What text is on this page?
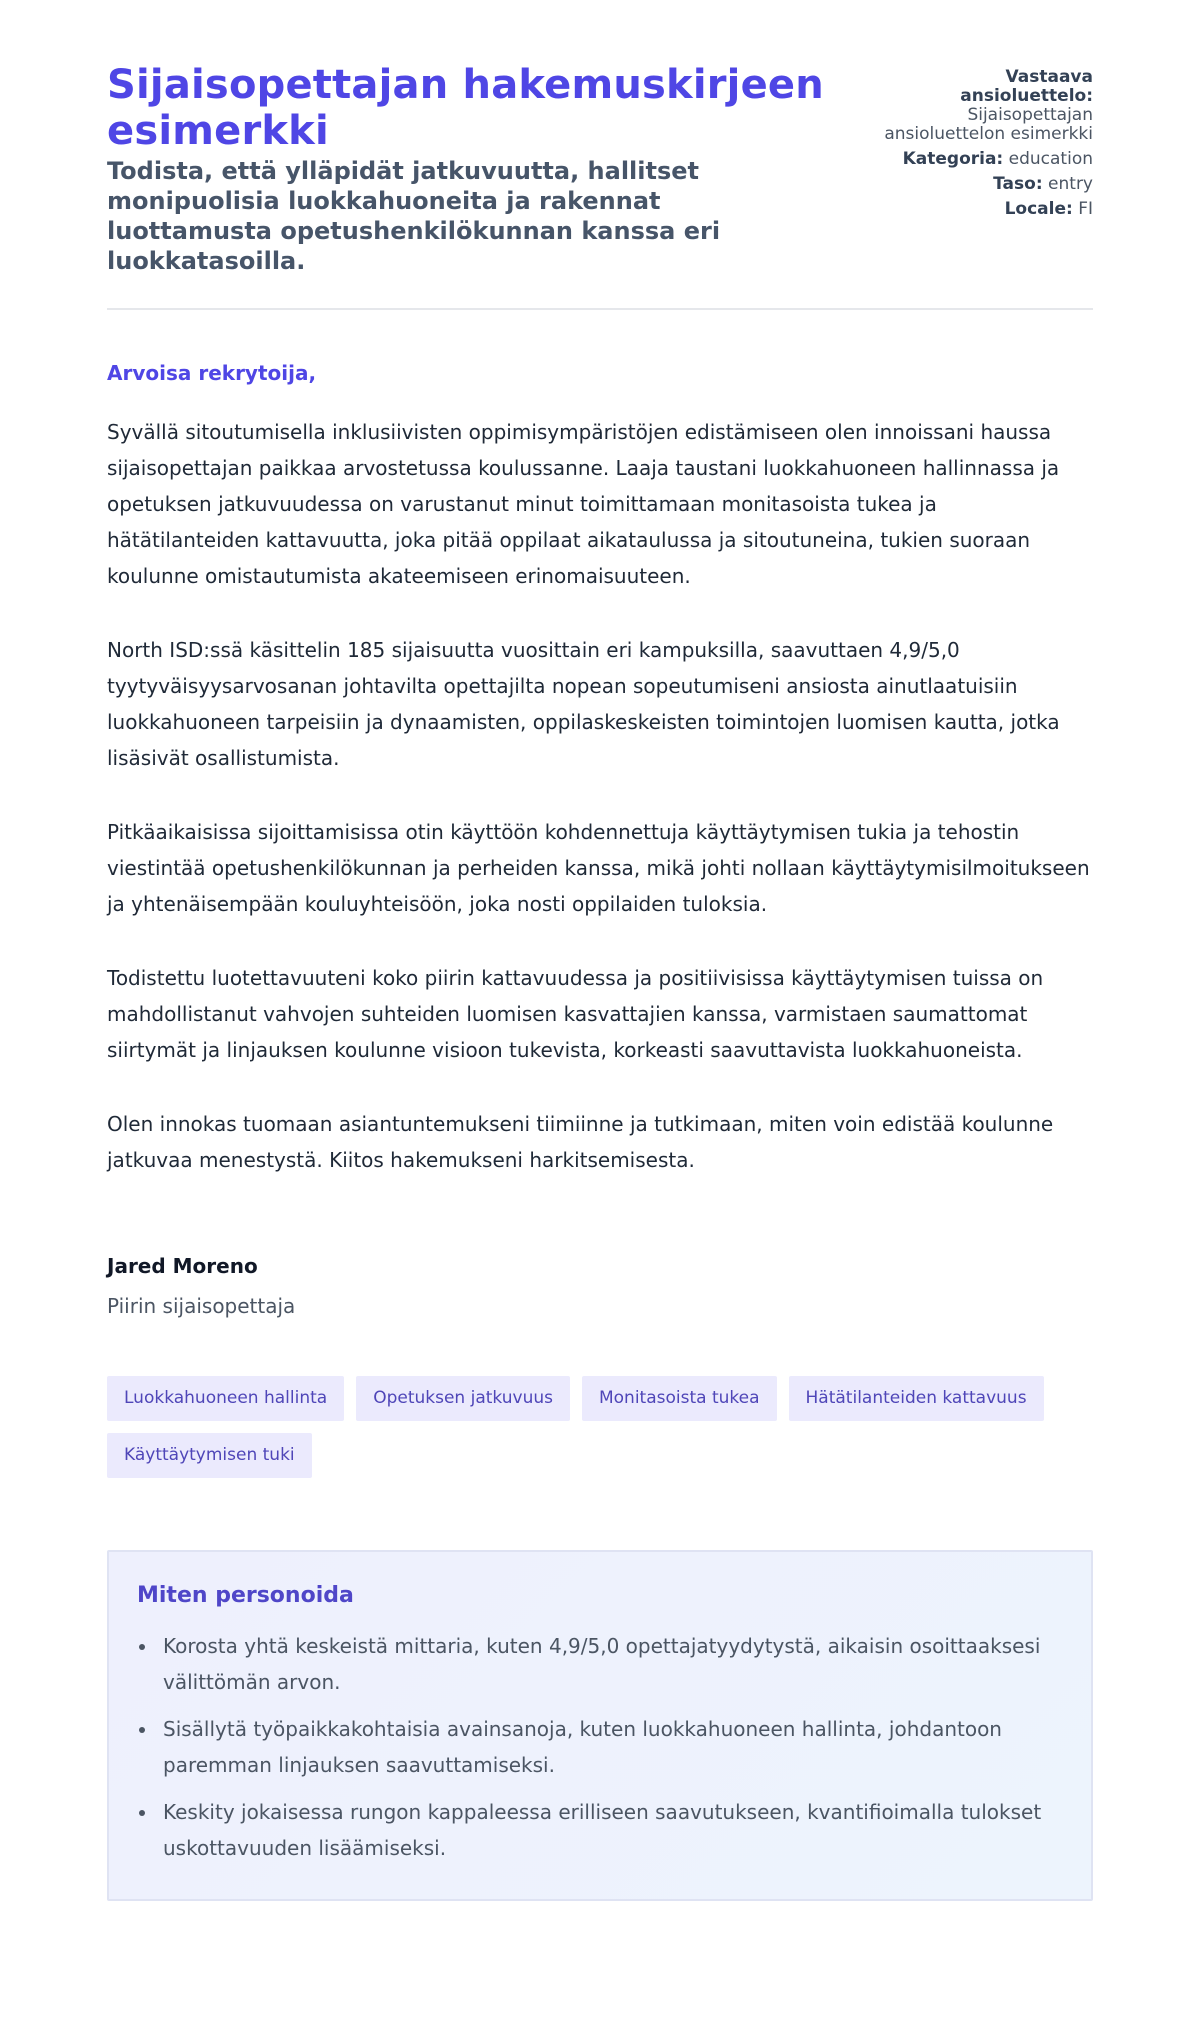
Sijaisopettajan hakemuskirjeen esimerkki
Todista, että ylläpidät jatkuvuutta, hallitset monipuolisia luokkahuoneita ja rakennat luottamusta opetushenkilökunnan kanssa eri luokkatasoilla.
Vastaava ansioluettelo: Sijaisopettajan ansioluettelon esimerkki
Kategoria: education
Taso: entry
Locale: FI

Arvoisa rekrytoija,

Syvällä sitoutumisella inklusiivisten oppimisympäristöjen edistämiseen olen innoissani haussa sijaisopettajan paikkaa arvostetussa koulussanne. Laaja taustani luokkahuoneen hallinnassa ja opetuksen jatkuvuudessa on varustanut minut toimittamaan monitasoista tukea ja hätätilanteiden kattavuutta, joka pitää oppilaat aikataulussa ja sitoutuneina, tukien suoraan koulunne omistautumista akateemiseen erinomaisuuteen.

North ISD:ssä käsittelin 185 sijaisuutta vuosittain eri kampuksilla, saavuttaen 4,9/5,0 tyytyväisyysarvosanan johtavilta opettajilta nopean sopeutumiseni ansiosta ainutlaatuisiin luokkahuoneen tarpeisiin ja dynaamisten, oppilaskeskeisten toimintojen luomisen kautta, jotka lisäsivät osallistumista.

Pitkäaikaisissa sijoittamisissa otin käyttöön kohdennettuja käyttäytymisen tukia ja tehostin viestintää opetushenkilökunnan ja perheiden kanssa, mikä johti nollaan käyttäytymisilmoitukseen ja yhtenäisempään kouluyhteisöön, joka nosti oppilaiden tuloksia.

Todistettu luotettavuuteni koko piirin kattavuudessa ja positiivisissa käyttäytymisen tuissa on mahdollistanut vahvojen suhteiden luomisen kasvattajien kanssa, varmistaen saumattomat siirtymät ja linjauksen koulunne visioon tukevista, korkeasti saavuttavista luokkahuoneista.

Olen innokas tuomaan asiantuntemukseni tiimiinne ja tutkimaan, miten voin edistää koulunne jatkuvaa menestystä. Kiitos hakemukseni harkitsemisesta.

Jared Moreno
Piirin sijaisopettaja
Luokkahuoneen hallinta	Opetuksen jatkuvuus	Monitasoista tukea	Hätätilanteiden kattavuus
Käyttäytymisen tuki
Miten personoida
Korosta yhtä keskeistä mittaria, kuten 4,9/5,0 opettajatyydytystä, aikaisin osoittaaksesi välittömän arvon.
Sisällytä työpaikkakohtaisia avainsanoja, kuten luokkahuoneen hallinta, johdantoon paremman linjauksen saavuttamiseksi.
Keskity jokaisessa rungon kappaleessa erilliseen saavutukseen, kvantifioimalla tulokset uskottavuuden lisäämiseksi.
